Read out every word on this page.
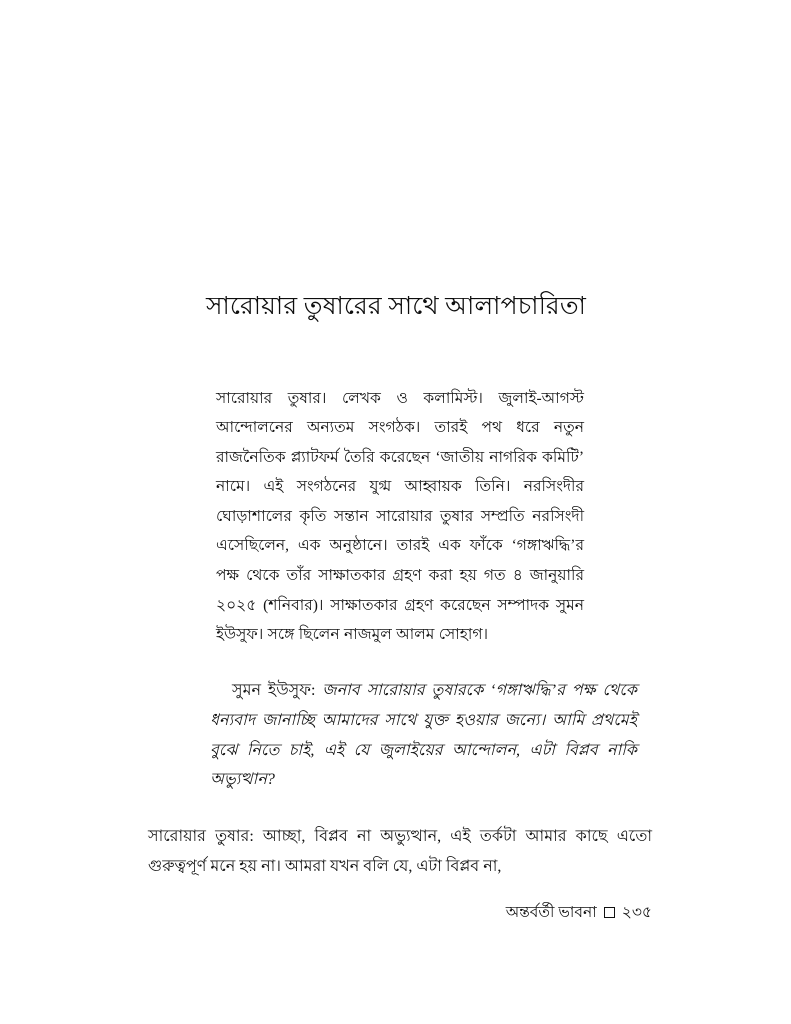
সারোয়ার তুষারের সাথে আলাপচারিতা

সারোয়ার তুষার। লেখক ও কলামিস্ট। জুলাই-আগস্ট আন্দোলনের অন্যতম সংগঠক। তারই পথ ধরে নতুন রাজনৈতিক প্ল্যাটফর্ম তৈরি করেছেন ‘জাতীয় নাগরিক কমিটি’ নামে। এই সংগঠনের যুগ্ম আহ্বায়ক তিনি। নরসিংদীর ঘোড়াশালের কৃতি সন্তান সারোয়ার তুষার সম্প্রতি নরসিংদী এসেছিলেন, এক অনুষ্ঠানে। তারই এক ফাঁকে ‘গঙ্গাঋদ্ধি’র পক্ষ থেকে তাঁর সাক্ষাতকার গ্রহণ করা হয় গত ৪ জানুয়ারি ২০২৫ (শনিবার)। সাক্ষাতকার গ্রহণ করেছেন সম্পাদক সুমন ইউসুফ। সঙ্গে ছিলেন নাজমুল আলম সোহাগ।

সুমন ইউসুফ: জনাব সারোয়ার তুষারকে ‘গঙ্গাঋদ্ধি’র পক্ষ থেকে ধন্যবাদ জানাচ্ছি আমাদের সাথে যুক্ত হওয়ার জন্যে। আমি প্রথমেই বুঝে নিতে চাই, এই যে জুলাইয়ের আন্দোলন, এটা বিপ্লব নাকি অভ্যুত্থান?

সারোয়ার তুষার: আচ্ছা, বিপ্লব না অভ্যুত্থান, এই তর্কটা আমার কাছে এতো গুরুত্বপূর্ণ মনে হয় না। আমরা যখন বলি যে, এটা বিপ্লব না,

অন্তর্বর্তী ভাবনা ২৩৫
